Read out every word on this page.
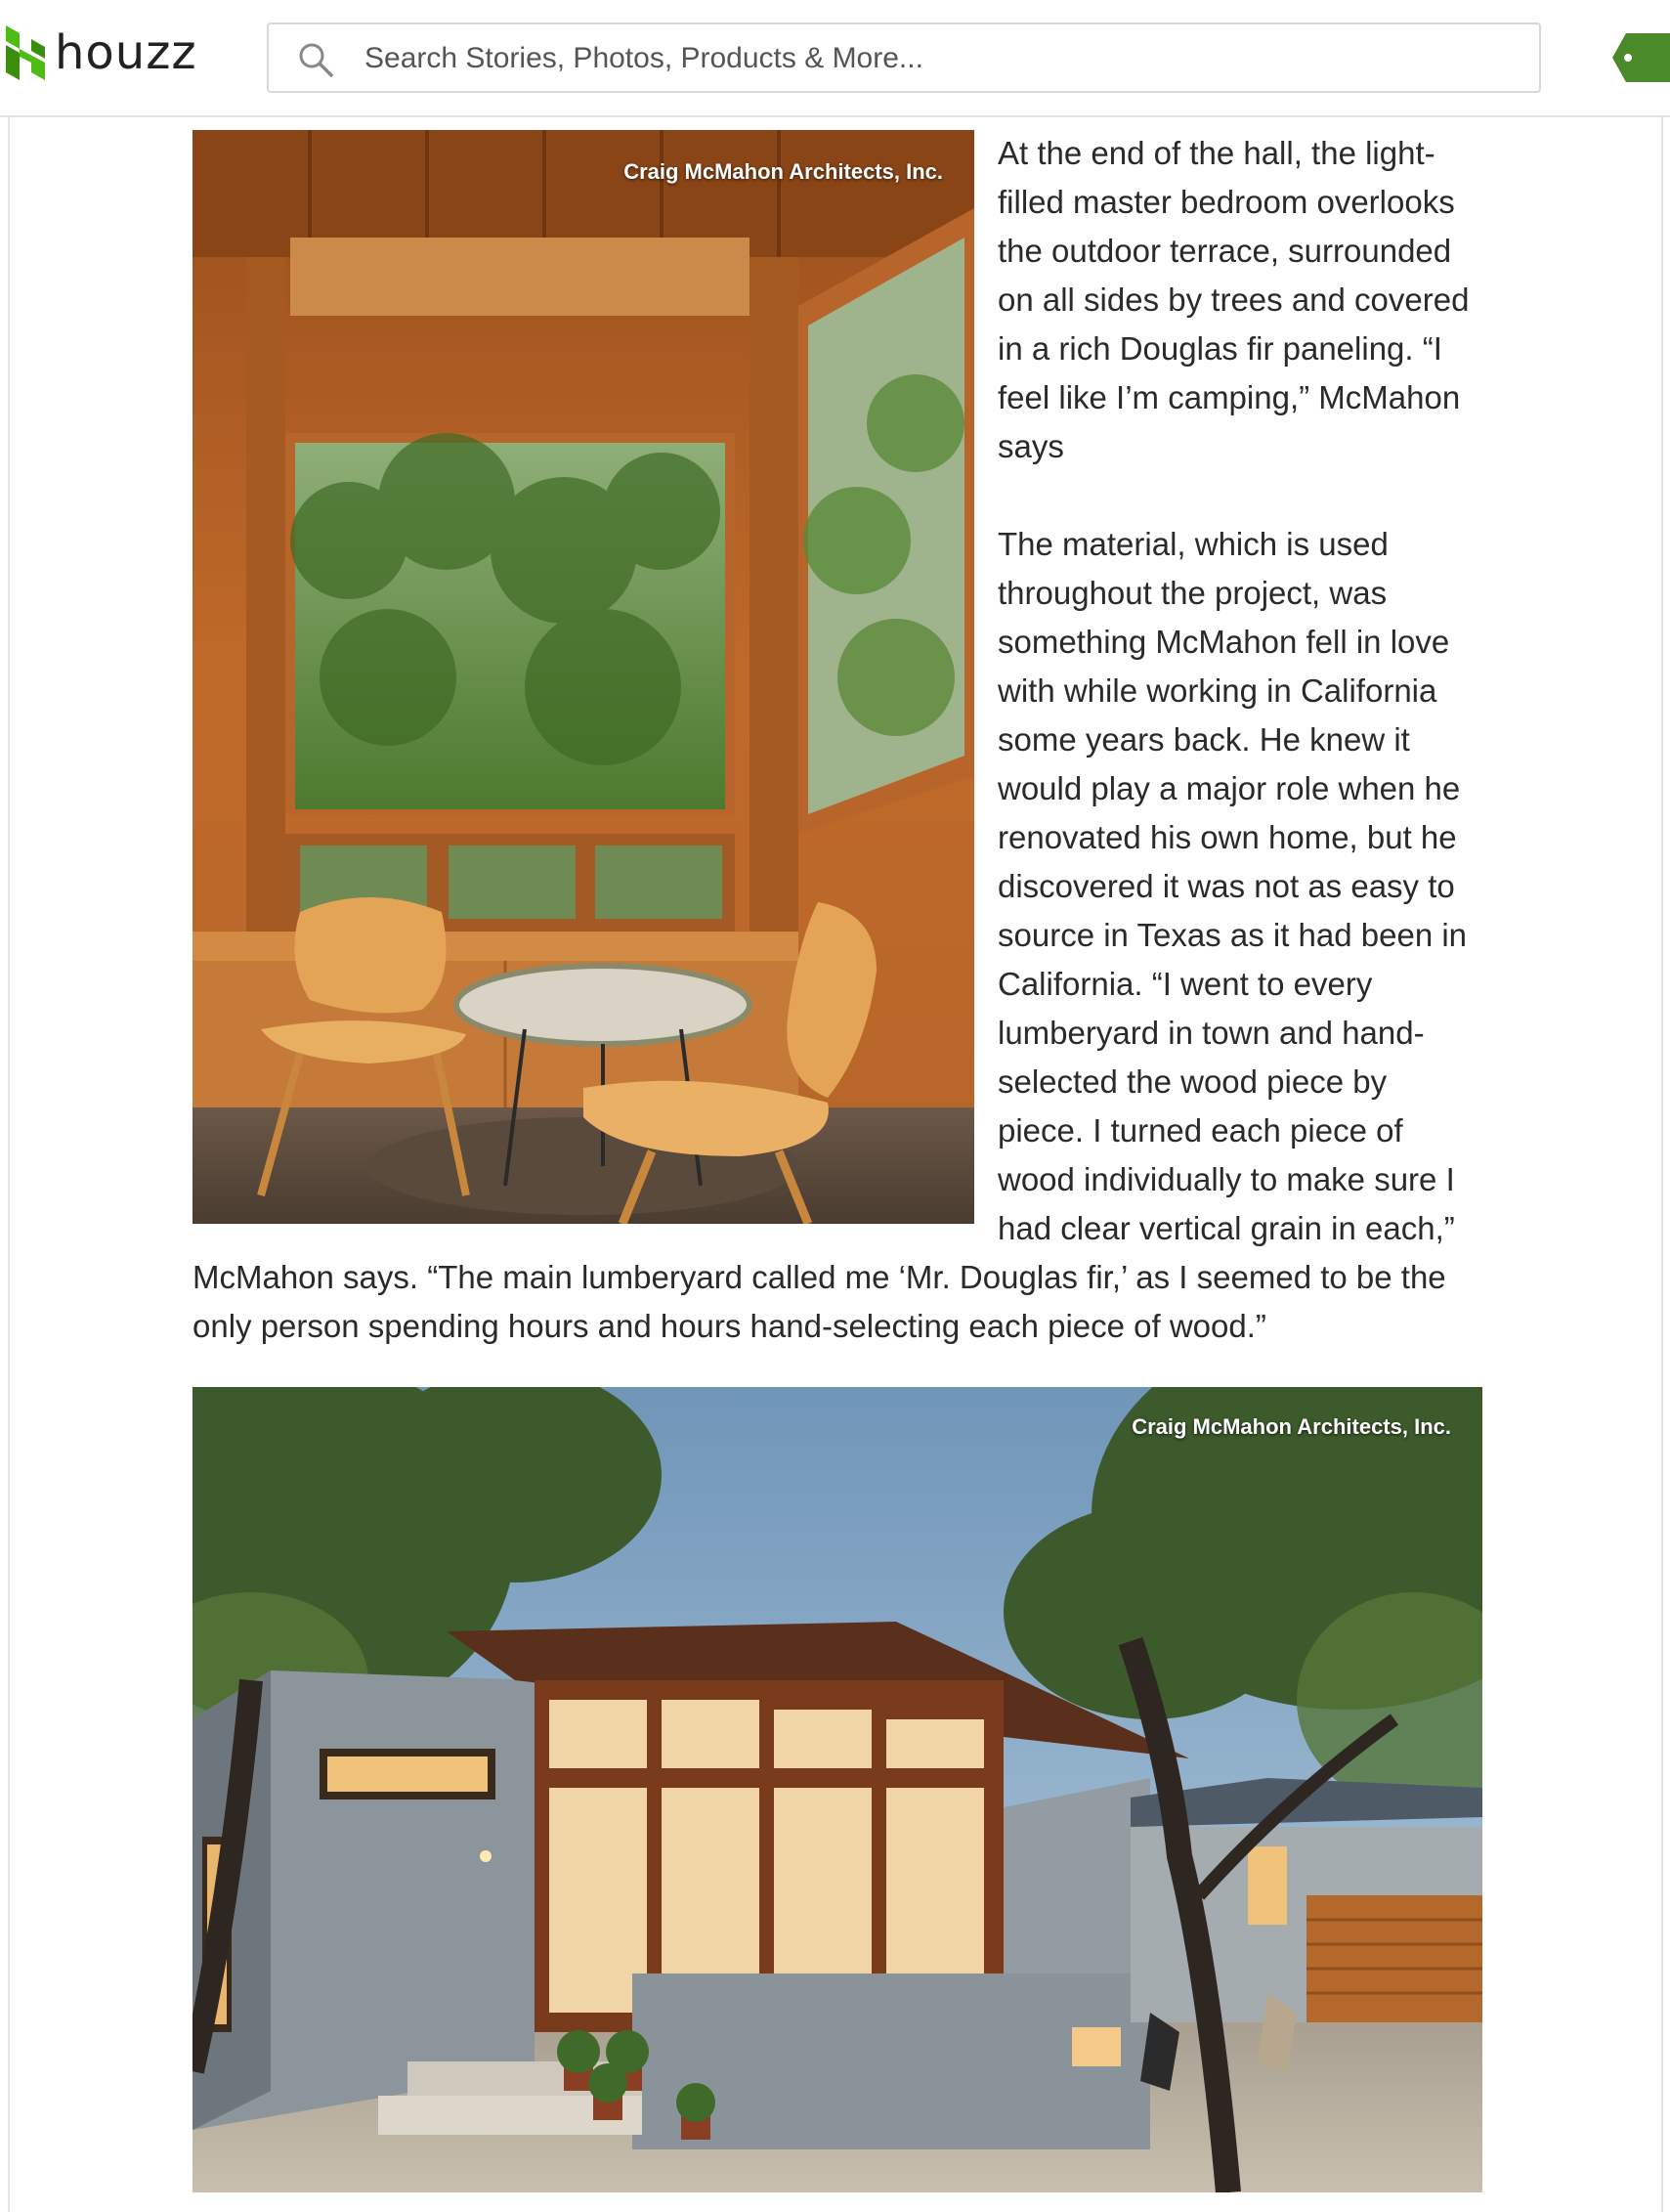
houzz
Search Stories, Photos, Products & More...
Craig McMahon Architects, Inc.

At the end of the hall, the light-
filled master bedroom overlooks
the outdoor terrace, surrounded
on all sides by trees and covered
in a rich Douglas fir paneling. “I
feel like I’m camping,” McMahon
says

The material, which is used
throughout the project, was
something McMahon fell in love
with while working in California
some years back. He knew it
would play a major role when he
renovated his own home, but he
discovered it was not as easy to
source in Texas as it had been in
California. “I went to every
lumberyard in town and hand-
selected the wood piece by
piece. I turned each piece of
wood individually to make sure I
had clear vertical grain in each,”

McMahon says. “The main lumberyard called me ‘Mr. Douglas fir,’ as I seemed to be the
only person spending hours and hours hand-selecting each piece of wood.”

Craig McMahon Architects, Inc.
